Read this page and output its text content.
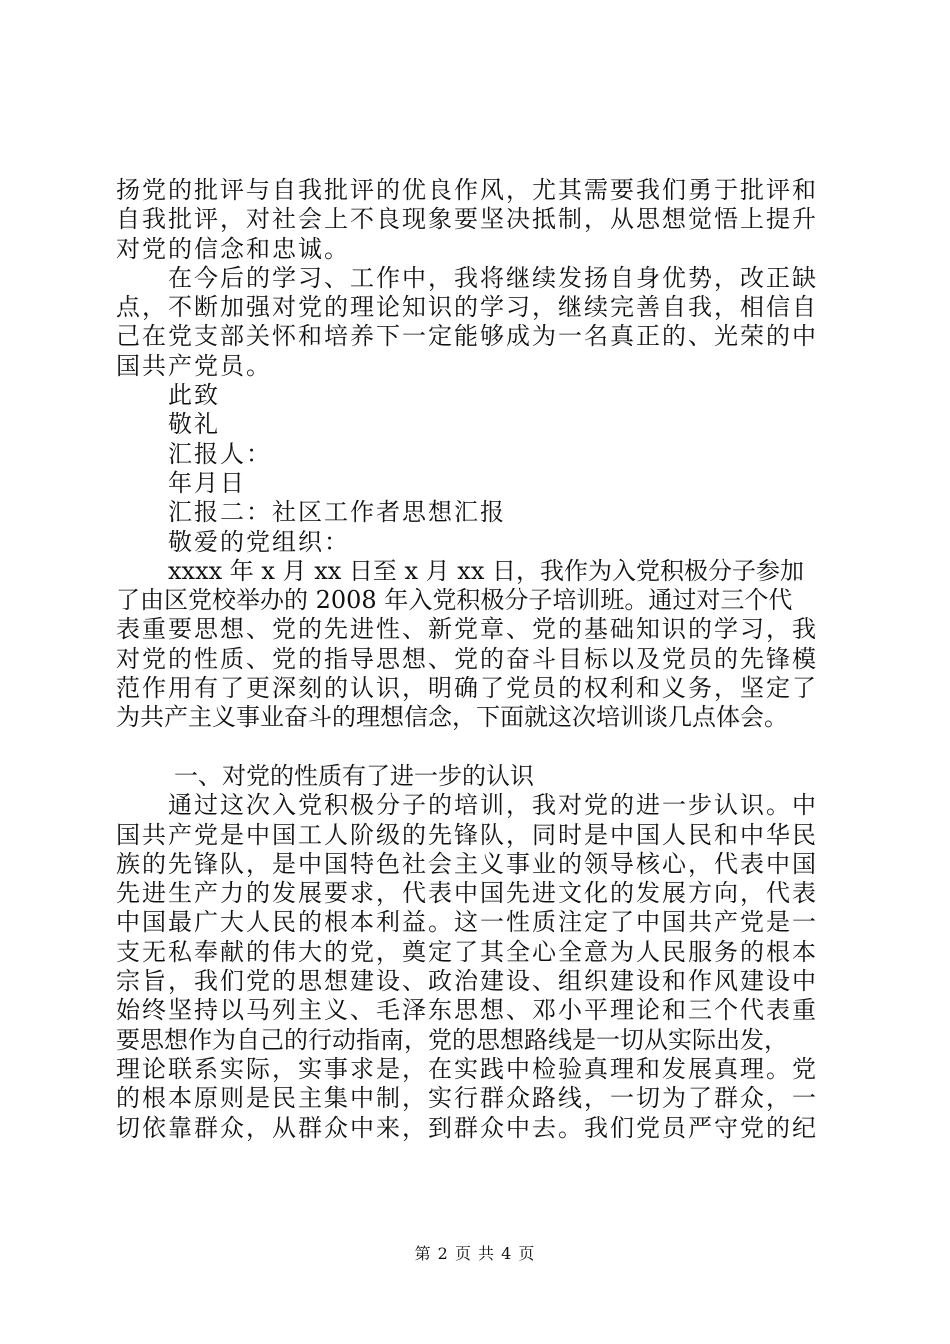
扬党的批评与自我批评的优良作风，尤其需要我们勇于批评和
自我批评，对社会上不良现象要坚决抵制，从思想觉悟上提升
对党的信念和忠诚。
在今后的学习、工作中，我将继续发扬自身优势，改正缺
点，不断加强对党的理论知识的学习，继续完善自我，相信自
己在党支部关怀和培养下一定能够成为一名真正的、光荣的中
国共产党员。
此致
敬礼
汇报人：
年月日
汇报二：社区工作者思想汇报
敬爱的党组织：
xxxx 年 x 月 xx 日至 x 月 xx 日，我作为入党积极分子参加
了由区党校举办的 2008 年入党积极分子培训班。通过对三个代
表重要思想、党的先进性、新党章、党的基础知识的学习，我
对党的性质、党的指导思想、党的奋斗目标以及党员的先锋模
范作用有了更深刻的认识，明确了党员的权利和义务，坚定了
为共产主义事业奋斗的理想信念，下面就这次培训谈几点体会。
一、对党的性质有了进一步的认识
通过这次入党积极分子的培训，我对党的进一步认识。中
国共产党是中国工人阶级的先锋队，同时是中国人民和中华民
族的先锋队，是中国特色社会主义事业的领导核心，代表中国
先进生产力的发展要求，代表中国先进文化的发展方向，代表
中国最广大人民的根本利益。这一性质注定了中国共产党是一
支无私奉献的伟大的党，奠定了其全心全意为人民服务的根本
宗旨，我们党的思想建设、政治建设、组织建设和作风建设中
始终坚持以马列主义、毛泽东思想、邓小平理论和三个代表重
要思想作为自己的行动指南，党的思想路线是一切从实际出发，
理论联系实际，实事求是，在实践中检验真理和发展真理。党
的根本原则是民主集中制，实行群众路线，一切为了群众，一
切依靠群众，从群众中来，到群众中去。我们党员严守党的纪
第 2 页 共 4 页
